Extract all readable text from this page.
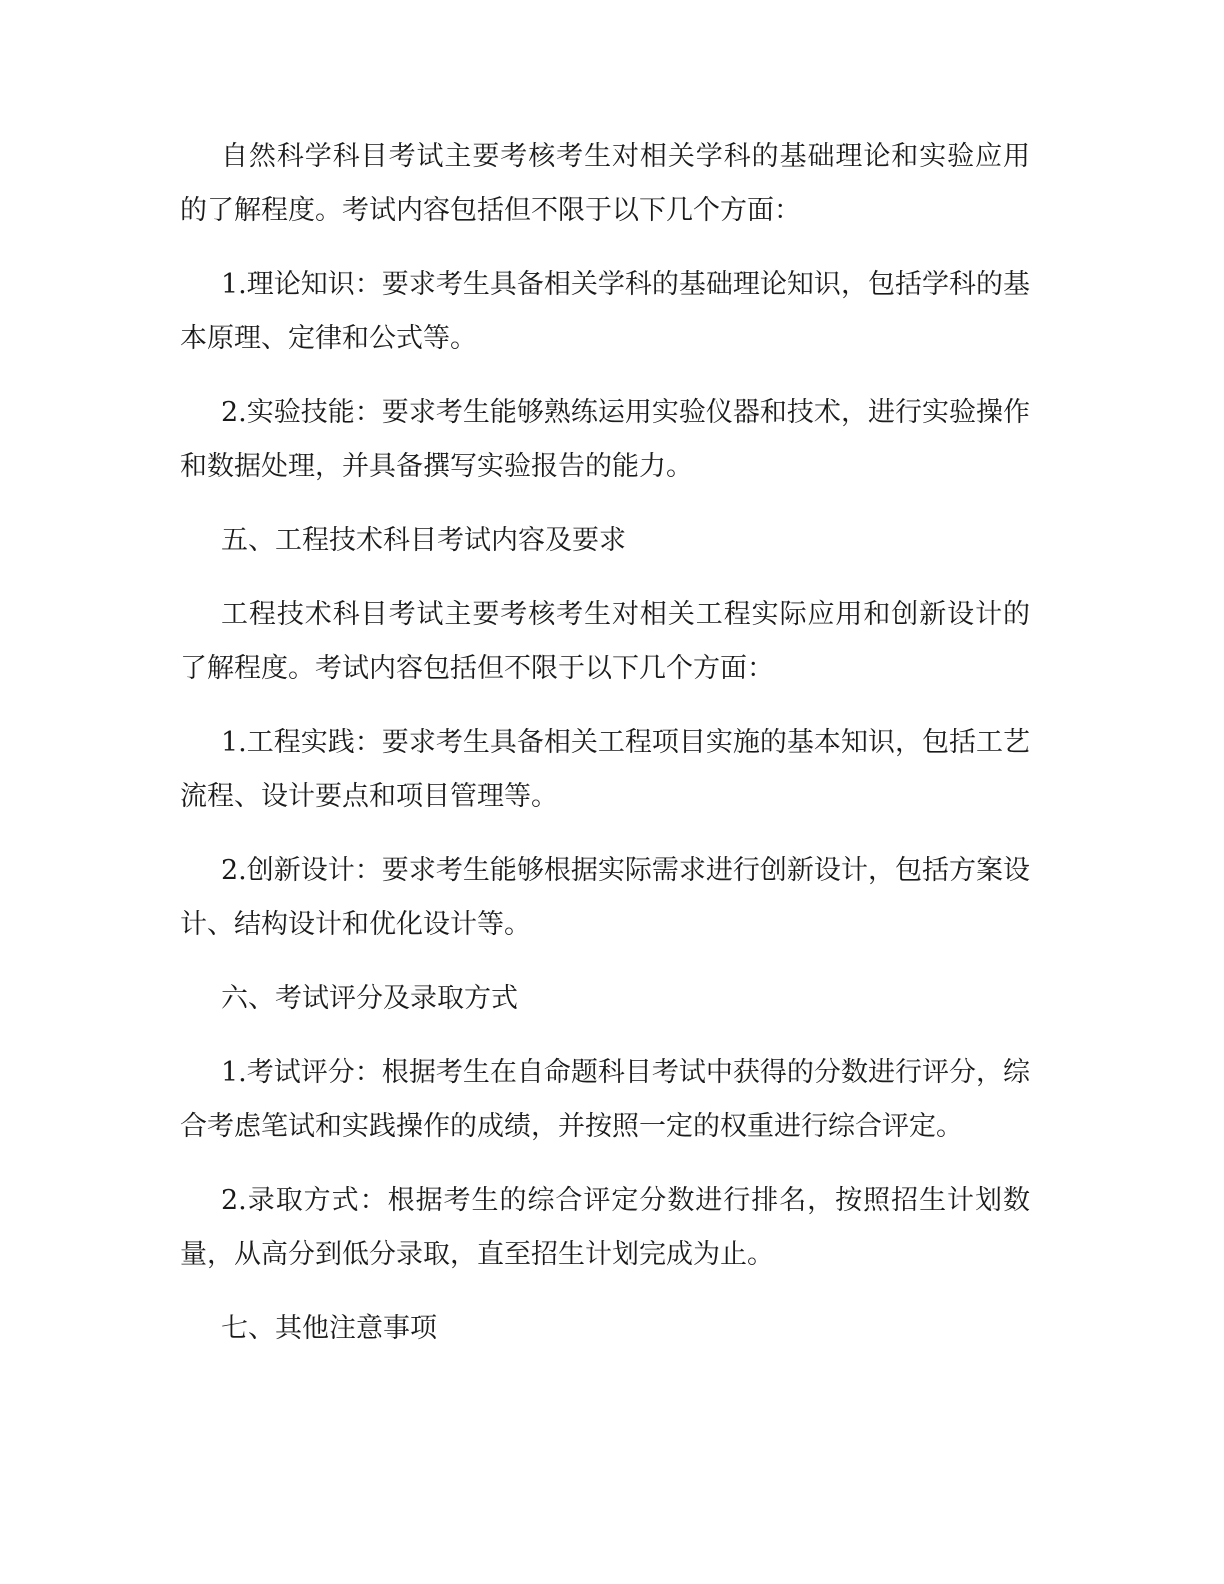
自然科学科目考试主要考核考生对相关学科的基础理论和实验应用的了解程度。考试内容包括但不限于以下几个方面：

1.理论知识：要求考生具备相关学科的基础理论知识，包括学科的基本原理、定律和公式等。

2.实验技能：要求考生能够熟练运用实验仪器和技术，进行实验操作和数据处理，并具备撰写实验报告的能力。

五、工程技术科目考试内容及要求

工程技术科目考试主要考核考生对相关工程实际应用和创新设计的了解程度。考试内容包括但不限于以下几个方面：

1.工程实践：要求考生具备相关工程项目实施的基本知识，包括工艺流程、设计要点和项目管理等。

2.创新设计：要求考生能够根据实际需求进行创新设计，包括方案设计、结构设计和优化设计等。

六、考试评分及录取方式

1.考试评分：根据考生在自命题科目考试中获得的分数进行评分，综合考虑笔试和实践操作的成绩，并按照一定的权重进行综合评定。

2.录取方式：根据考生的综合评定分数进行排名，按照招生计划数量，从高分到低分录取，直至招生计划完成为止。

七、其他注意事项
